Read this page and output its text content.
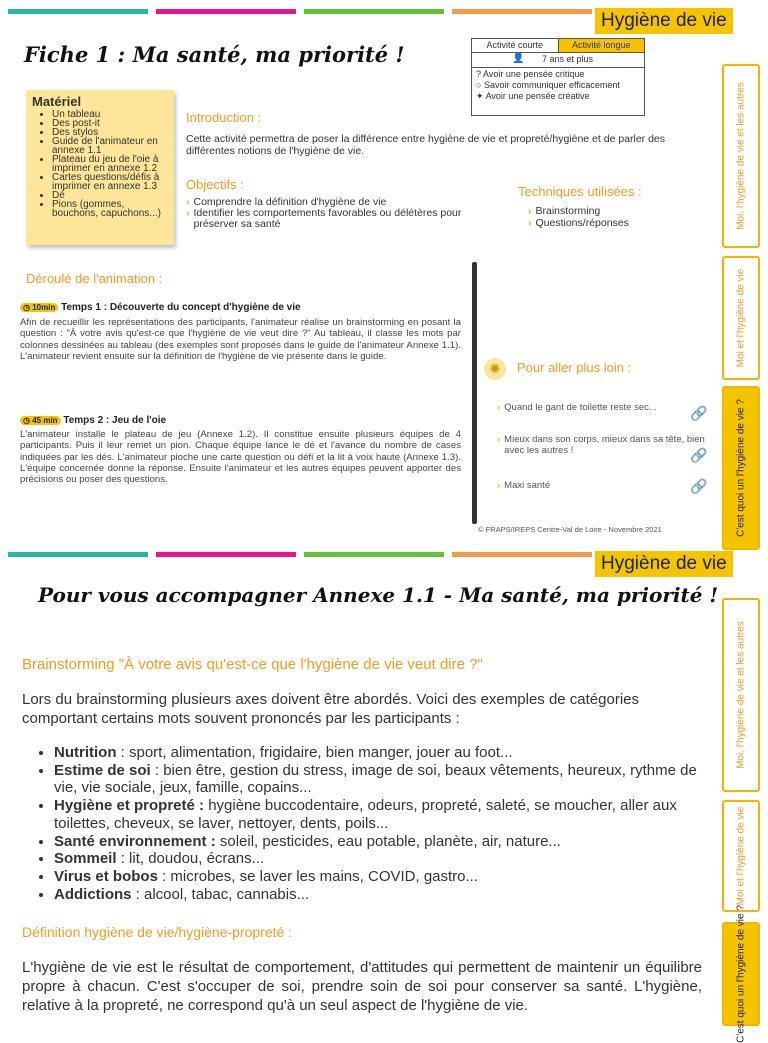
Hygiène de vie
Fiche 1 : Ma santé, ma priorité !	Activité courte	Activité longue
👤 7 ans et plus
? Avoir une pensée critique
○ Savoir communiquer efficacement
✦ Avoir une pensée créative
Matériel
• Un tableau
• Des post-it
• Des stylos
• Guide de l'animateur en annexe 1.1
• Plateau du jeu de l'oie à imprimer en annexe 1.2
• Cartes questions/défis à imprimer en annexe 1.3
• Dé
• Pions (gommes, bouchons, capuchons...)
Introduction :
Cette activité permettra de poser la différence entre hygiène de vie et propreté/hygiène et de parler des différentes notions de l'hygiène de vie.
Objectifs :
› Comprendre la définition d'hygiène de vie
› Identifier les comportements favorables ou délétères pour préserver sa santé
Techniques utilisées :
› Brainstorming
› Questions/réponses
Déroulé de l'animation :
◷ 10min Temps 1 : Découverte du concept d'hygiène de vie
Afin de recueillir les représentations des participants, l'animateur réalise un brainstorming en posant la question : "À votre avis qu'est-ce que l'hygiène de vie veut dire ?" Au tableau, il classe les mots par colonnes dessinées au tableau (des exemples sont proposés dans le guide de l'animateur Annexe 1.1). L'animateur revient ensuite sur la définition de l'hygiène de vie présente dans le guide.
◷ 45 min Temps 2 : Jeu de l'oie
L'animateur installe le plateau de jeu (Annexe 1.2). Il constitue ensuite plusieurs équipes de 4 participants. Puis il leur remet un pion. Chaque équipe lance le dé et l'avance du nombre de cases indiquées par les dés. L'animateur pioche une carte question ou défi et la lit à voix haute (Annexe 1.3). L'équipe concernée donne la réponse. Ensuite l'animateur et les autres équipes peuvent apporter des précisions ou poser des questions.
✺	Pour aller plus loin :
› Quand le gant de toilette reste sec...	🔗
› Mieux dans son corps, mieux dans sa tête, bien avec les autres !	🔗
› Maxi santé	🔗
© FRAPS/IREPS Centre-Val de Loire - Novembre 2021
Moi, l'hygiène de vie et les autres
Moi et l'hygiène de vie
C'est quoi un l'hygiène de vie ?
Hygiène de vie
Pour vous accompagner Annexe 1.1 - Ma santé, ma priorité !
Brainstorming "À votre avis qu'est-ce que l'hygiène de vie veut dire ?"
Lors du brainstorming plusieurs axes doivent être abordés. Voici des exemples de catégories comportant certains mots souvent prononcés par les participants :
• Nutrition : sport, alimentation, frigidaire, bien manger, jouer au foot...
• Estime de soi : bien être, gestion du stress, image de soi, beaux vêtements, heureux, rythme de vie, vie sociale, jeux, famille, copains...
• Hygiène et propreté : hygiène buccodentaire, odeurs, propreté, saleté, se moucher, aller aux toilettes, cheveux, se laver, nettoyer, dents, poils...
• Santé environnement : soleil, pesticides, eau potable, planète, air, nature...
• Sommeil : lit, doudou, écrans...
• Virus et bobos : microbes, se laver les mains, COVID, gastro...
• Addictions : alcool, tabac, cannabis...
Définition hygiène de vie/hygiène-propreté :
L'hygiène de vie est le résultat de comportement, d'attitudes qui permettent de maintenir un équilibre propre à chacun. C'est s'occuper de soi, prendre soin de soi pour conserver sa santé. L'hygiène, relative à la propreté, ne correspond qu'à un seul aspect de l'hygiène de vie.
Moi, l'hygiène de vie et les autres
Moi et l'hygiène de vie
C'est quoi un l'hygiène de vie ?
